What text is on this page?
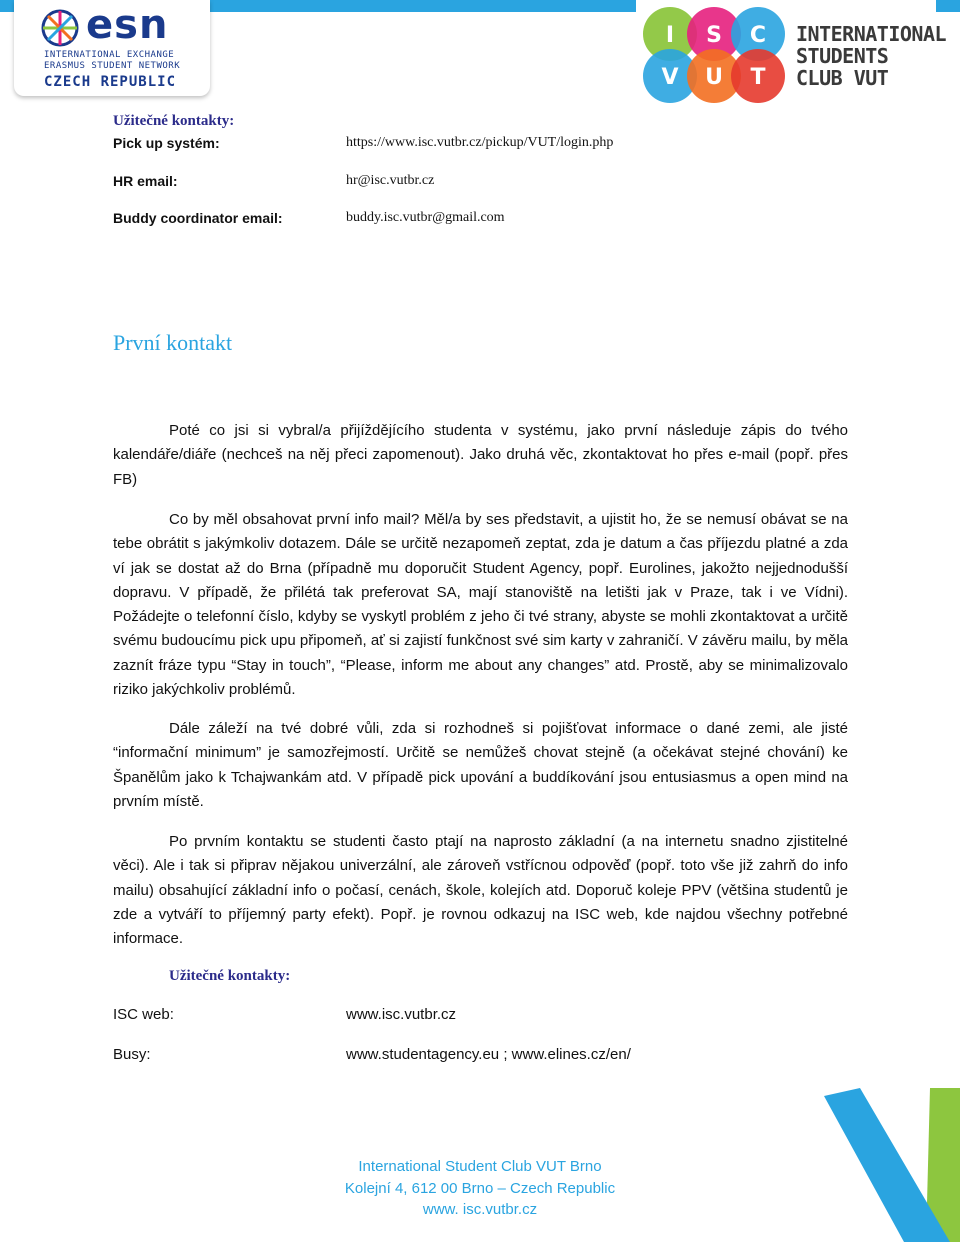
esn
INTERNATIONAL EXCHANGE
ERASMUS STUDENT NETWORK
CZECH REPUBLIC
I S C
V U T
INTERNATIONAL
STUDENTS
CLUB VUT
Užitečné kontakty:
Pick up systém:	https://www.isc.vutbr.cz/pickup/VUT/login.php
HR email:	hr@isc.vutbr.cz
Buddy coordinator email:	buddy.isc.vutbr@gmail.com
První kontakt

Poté co jsi si vybral/a přijíždějícího studenta v systému, jako první následuje zápis do tvého kalendáře/diáře (nechceš na něj přeci zapomenout). Jako druhá věc, zkontaktovat ho přes e-mail (popř. přes FB)

Co by měl obsahovat první info mail? Měl/a by ses představit, a ujistit ho, že se nemusí obávat se na tebe obrátit s jakýmkoliv dotazem. Dále se určitě nezapomeň zeptat, zda je datum a čas příjezdu platné a zda ví jak se dostat až do Brna (případně mu doporučit Student Agency, popř. Eurolines, jakožto nejjednodušší dopravu. V případě, že přilétá tak preferovat SA, mají stanoviště na letišti jak v Praze, tak i ve Vídni). Požádejte o telefonní číslo, kdyby se vyskytl problém z jeho či tvé strany, abyste se mohli zkontaktovat a určitě svému budoucímu pick upu připomeň, ať si zajistí funkčnost své sim karty v zahraničí. V závěru mailu, by měla zaznít fráze typu “Stay in touch”, “Please, inform me about any changes” atd. Prostě, aby se minimalizovalo riziko jakýchkoliv problémů.

Dále záleží na tvé dobré vůli, zda si rozhodneš si pojišťovat informace o dané zemi, ale jisté “informační minimum” je samozřejmostí. Určitě se nemůžeš chovat stejně (a očekávat stejné chování) ke Španělům jako k Tchajwankám atd. V případě pick upování a buddíkování jsou entusiasmus a open mind na prvním místě.

Po prvním kontaktu se studenti často ptají na naprosto základní (a na internetu snadno zjistitelné věci). Ale i tak si připrav nějakou univerzální, ale zároveň vstřícnou odpověď (popř. toto vše již zahrň do info mailu) obsahující základní info o počasí, cenách, škole, kolejích atd. Doporuč koleje PPV (většina studentů je zde a vytváří to příjemný party efekt). Popř. je rovnou odkazuj na ISC web, kde najdou všechny potřebné informace.

Užitečné kontakty:
ISC web:	www.isc.vutbr.cz
Busy:	www.studentagency.eu ; www.elines.cz/en/
International Student Club VUT Brno
Kolejní 4, 612 00 Brno – Czech Republic
www. isc.vutbr.cz
